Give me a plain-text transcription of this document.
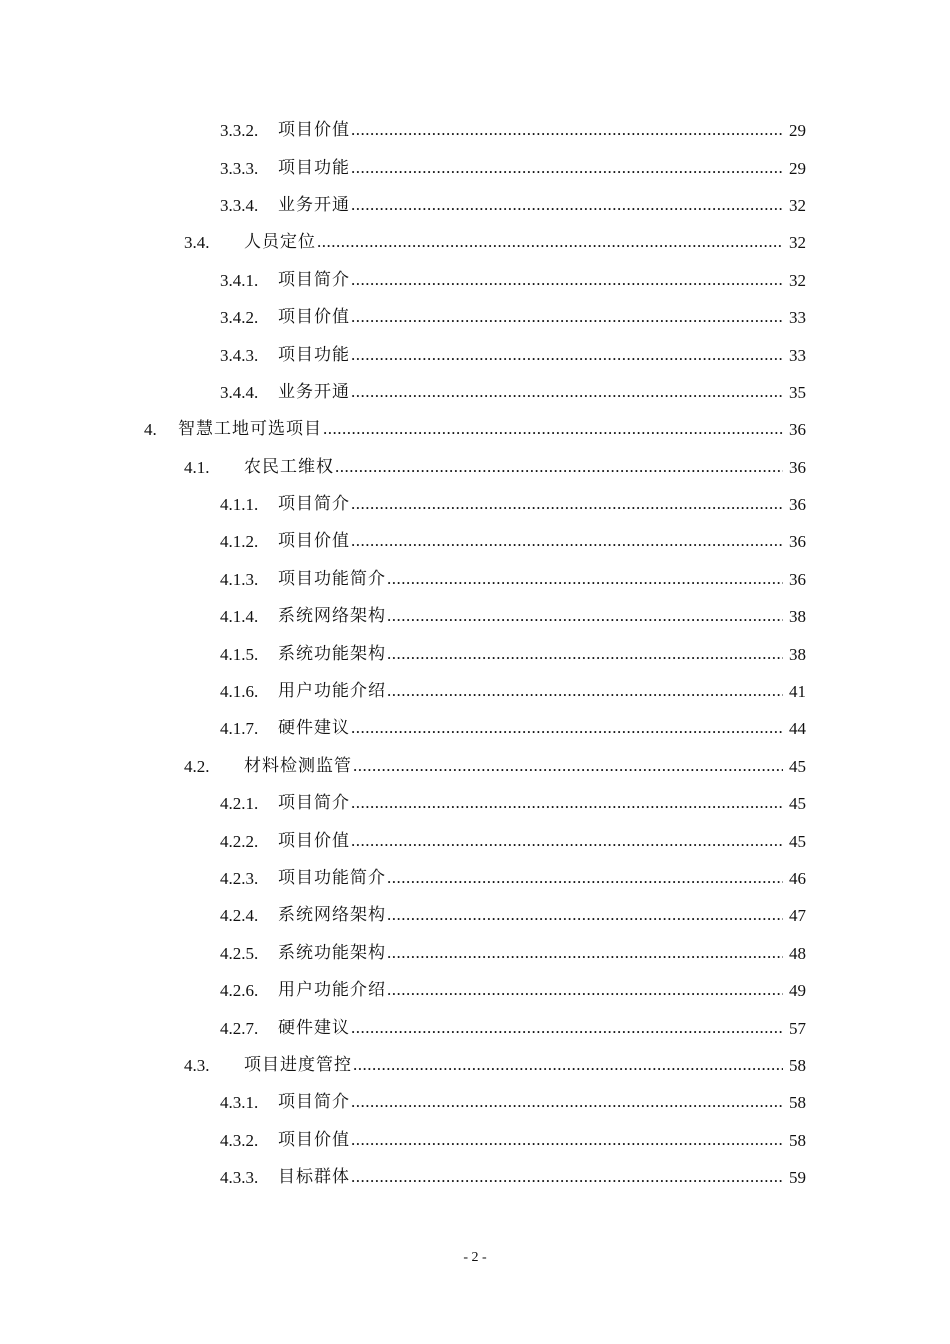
3.3.2.	项目价值 .....	29
3.3.3.	项目功能 .....	29
3.3.4.	业务开通 .....	32
3.4.	人员定位 .....	32
3.4.1.	项目简介 .....	32
3.4.2.	项目价值 .....	33
3.4.3.	项目功能 .....	33
3.4.4.	业务开通 .....	35
4.	智慧工地可选项目 .....	36
4.1.	农民工维权 .....	36
4.1.1.	项目简介 .....	36
4.1.2.	项目价值 .....	36
4.1.3.	项目功能简介 .....	36
4.1.4.	系统网络架构 .....	38
4.1.5.	系统功能架构 .....	38
4.1.6.	用户功能介绍 .....	41
4.1.7.	硬件建议 .....	44
4.2.	材料检测监管 .....	45
4.2.1.	项目简介 .....	45
4.2.2.	项目价值 .....	45
4.2.3.	项目功能简介 .....	46
4.2.4.	系统网络架构 .....	47
4.2.5.	系统功能架构 .....	48
4.2.6.	用户功能介绍 .....	49
4.2.7.	硬件建议 .....	57
4.3.	项目进度管控 .....	58
4.3.1.	项目简介 .....	58
4.3.2.	项目价值 .....	58
4.3.3.	目标群体 .....	59
- 2 -
